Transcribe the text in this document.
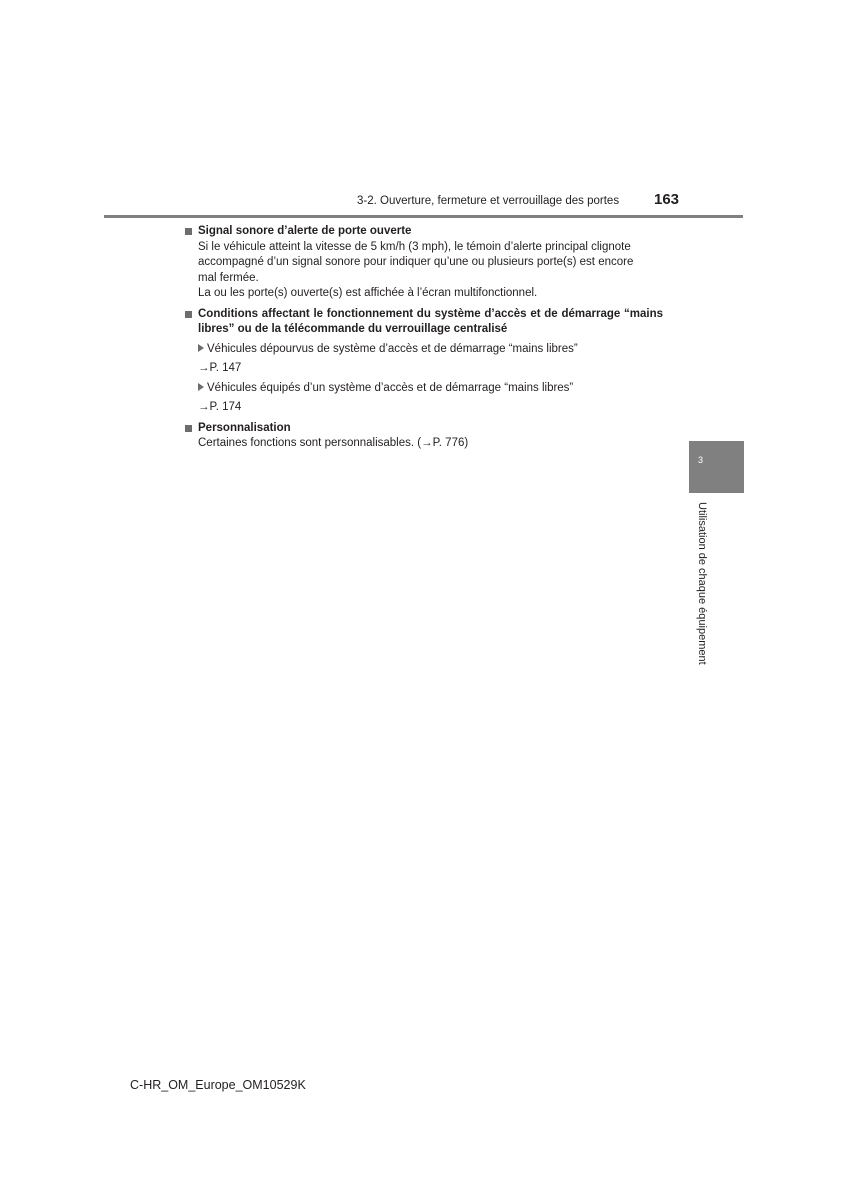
3-2. Ouverture, fermeture et verrouillage des portes 163
Signal sonore d’alerte de porte ouverte
Si le véhicule atteint la vitesse de 5 km/h (3 mph), le témoin d’alerte principal clignote
accompagné d’un signal sonore pour indiquer qu’une ou plusieurs porte(s) est encore
mal fermée.
La ou les porte(s) ouverte(s) est affichée à l’écran multifonctionnel.
Conditions affectant le fonctionnement du système d’accès et de démarrage “mains libres” ou de la télécommande du verrouillage centralisé
Véhicules dépourvus de système d’accès et de démarrage “mains libres”
→P. 147
Véhicules équipés d’un système d’accès et de démarrage “mains libres”
→P. 174
Personnalisation
Certaines fonctions sont personnalisables. (→P. 776)
3
Utilisation de chaque équipement
C-HR_OM_Europe_OM10529K
